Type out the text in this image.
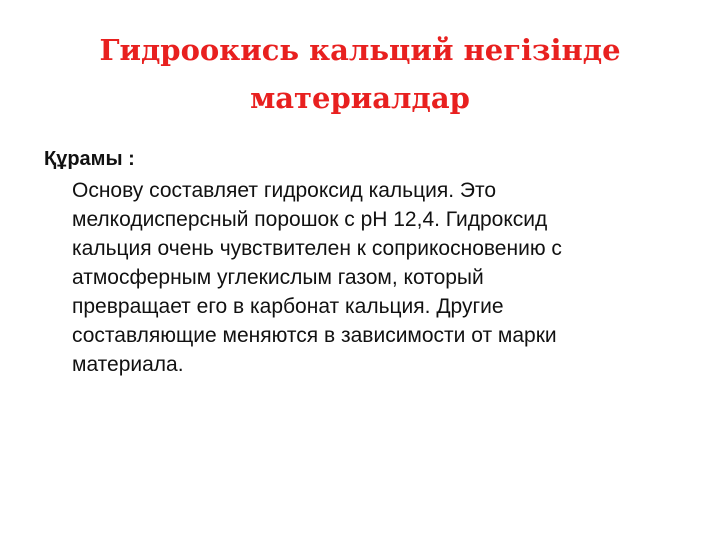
Гидроокись кальций негізінде материалдар

Құрамы :

Основу составляет гидроксид кальция. Это
мелкодисперсный порошок с рН 12,4. Гидроксид
кальция очень чувствителен к соприкосновению с
атмосферным углекислым газом, который
превращает его в карбонат кальция. Другие
составляющие меняются в зависимости от марки
материала.
